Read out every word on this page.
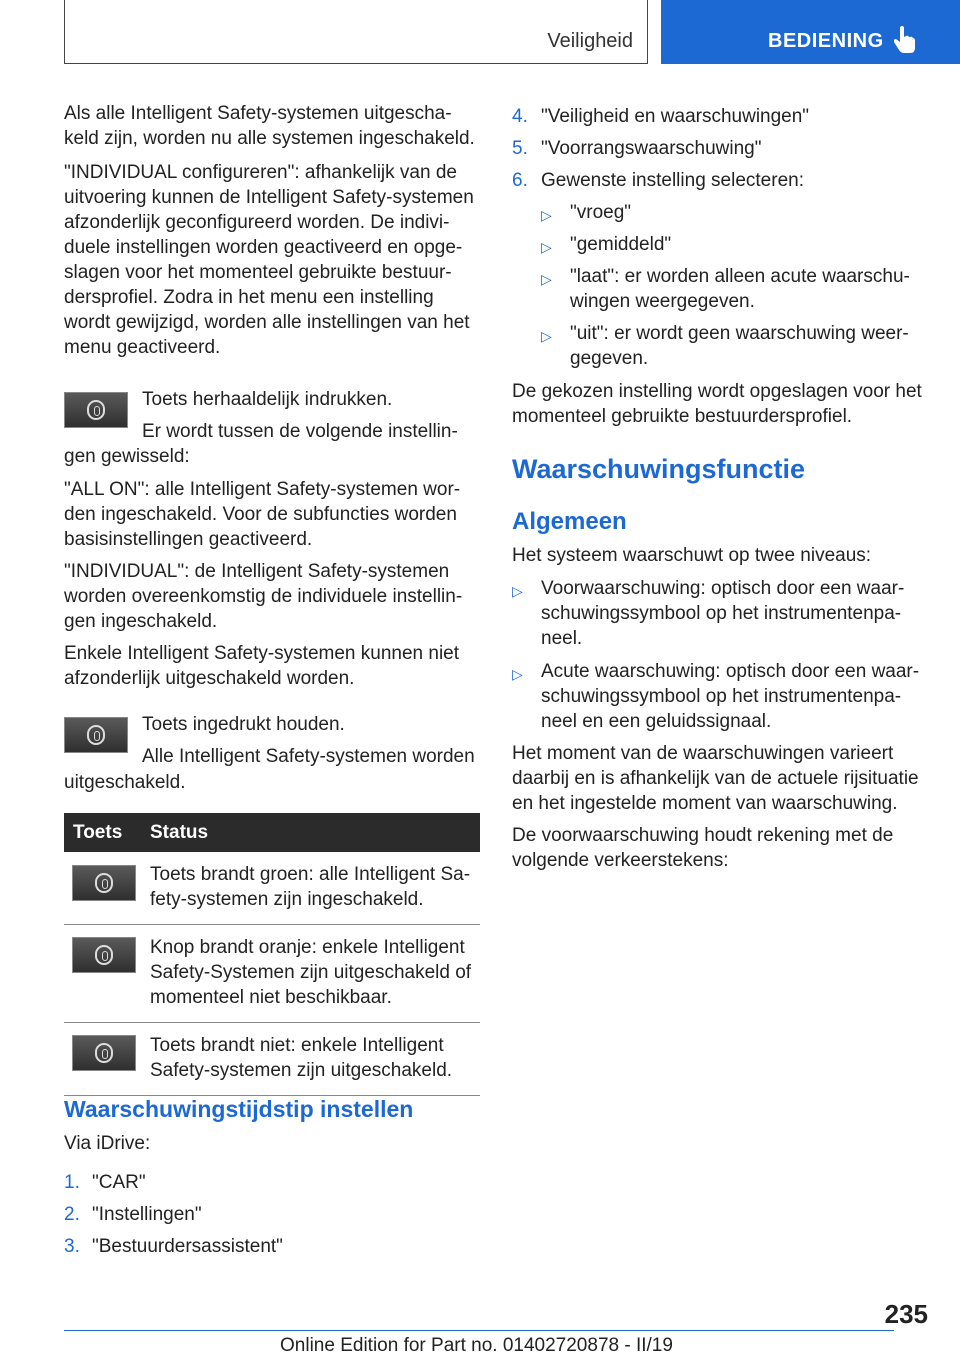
Veiligheid	BEDIENING

Als alle Intelligent Safety-systemen uitgescha-

keld zijn, worden nu alle systemen ingeschakeld.

"INDIVIDUAL configureren": afhankelijk van de

uitvoering kunnen de Intelligent Safety-systemen

afzonderlijk geconfigureerd worden. De indivi-

duele instellingen worden geactiveerd en opge-

slagen voor het momenteel gebruikte bestuur-

dersprofiel. Zodra in het menu een instelling

wordt gewijzigd, worden alle instellingen van het

menu geactiveerd.

Toets herhaaldelijk indrukken.

Er wordt tussen de volgende instellin-

gen gewisseld:

"ALL ON": alle Intelligent Safety-systemen wor-

den ingeschakeld. Voor de subfuncties worden

basisinstellingen geactiveerd.

"INDIVIDUAL": de Intelligent Safety-systemen

worden overeenkomstig de individuele instellin-

gen ingeschakeld.

Enkele Intelligent Safety-systemen kunnen niet

afzonderlijk uitgeschakeld worden.

Toets ingedrukt houden.

Alle Intelligent Safety-systemen worden

uitgeschakeld.
Toets	Status

	Toets brandt groen: alle Intelligent Sa-

fety-systemen zijn ingeschakeld.

	Knop brandt oranje: enkele Intelligent

Safety-Systemen zijn uitgeschakeld of

momenteel niet beschikbaar.

	Toets brandt niet: enkele Intelligent

Safety-systemen zijn uitgeschakeld.

Waarschuwingstijdstip instellen
Via iDrive:
1. "CAR"
2. "Instellingen"
3. "Bestuurdersassistent"
4. "Veiligheid en waarschuwingen"
5. "Voorrangswaarschuwing"
6. Gewenste instelling selecteren:
▷ "vroeg"

▷ "gemiddeld"

▷ "laat": er worden alleen acute waarschu-

wingen weergegeven.

▷ "uit": er wordt geen waarschuwing weer-

gegeven.

De gekozen instelling wordt opgeslagen voor het

momenteel gebruikte bestuurdersprofiel.

Waarschuwingsfunctie
Algemeen
Het systeem waarschuwt op twee niveaus:
▷ Voorwaarschuwing: optisch door een waar-

schuwingssymbool op het instrumentenpa-

neel.

▷ Acute waarschuwing: optisch door een waar-

schuwingssymbool op het instrumentenpa-

neel en een geluidssignaal.

Het moment van de waarschuwingen varieert

daarbij en is afhankelijk van de actuele rijsituatie

en het ingestelde moment van waarschuwing.

De voorwaarschuwing houdt rekening met de

volgende verkeerstekens:

235
Online Edition for Part no. 01402720878 - II/19
